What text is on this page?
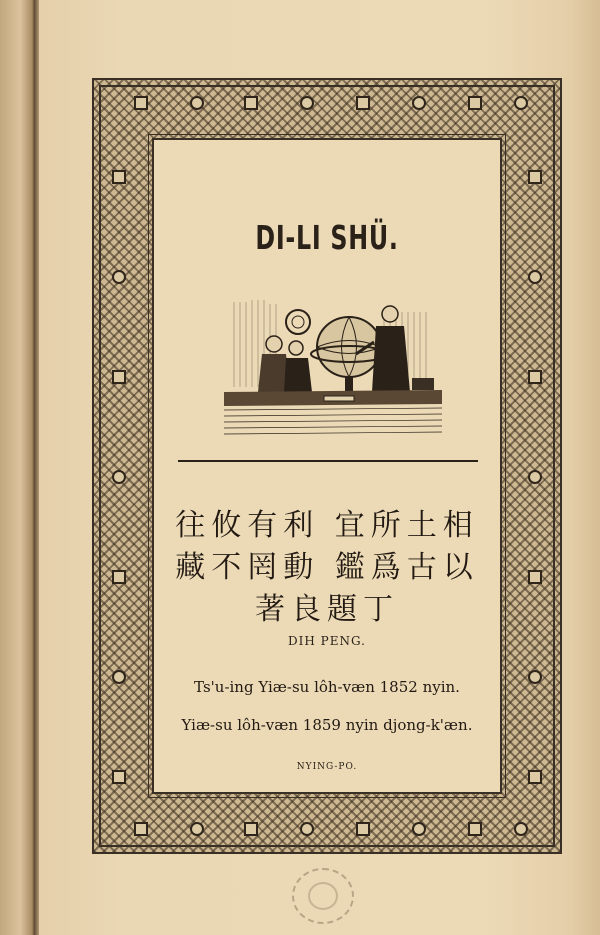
DI-LI SHÜ.
往攸有利 宜所土相
藏不罔動 鑑爲古以
著良題丁
DIH PENG.
Ts'u-ing Yiæ-su lôh-væn 1852 nyin.
Yiæ-su lôh-væn 1859 nyin djong-k'æn.
NYING-PO.
